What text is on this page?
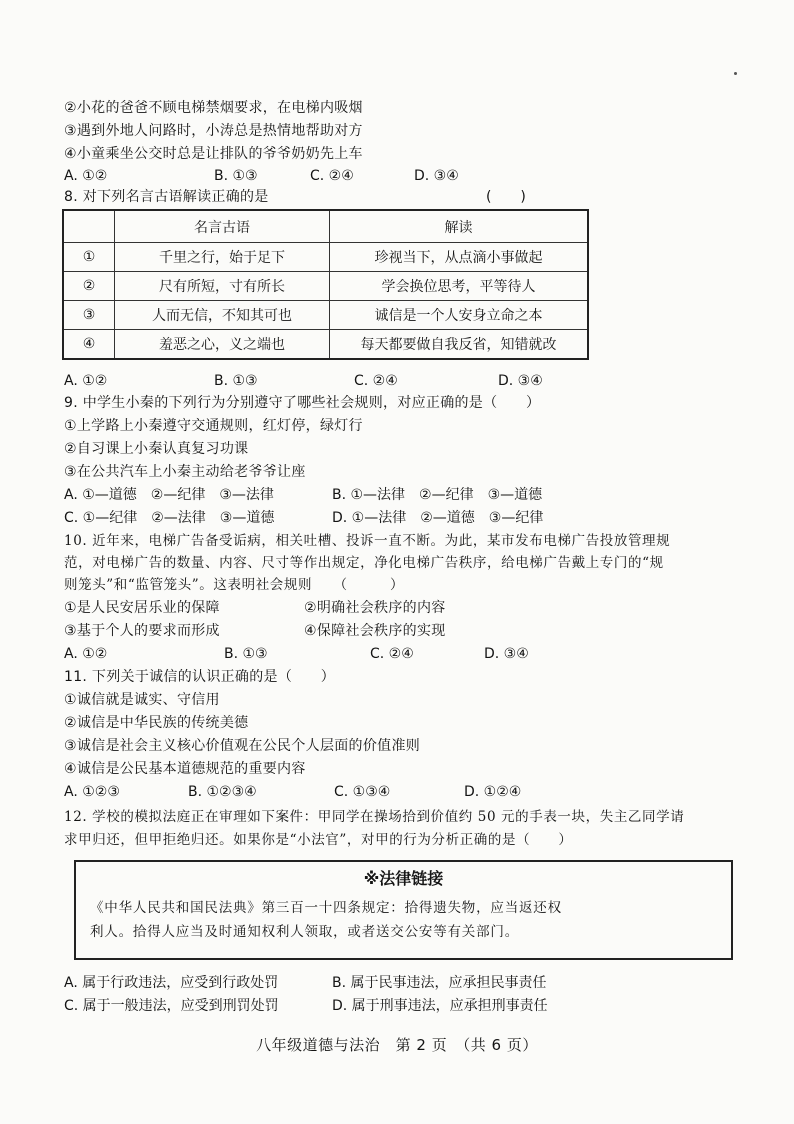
②小花的爸爸不顾电梯禁烟要求，在电梯内吸烟
③遇到外地人问路时，小涛总是热情地帮助对方
④小童乘坐公交时总是让排队的爷爷奶奶先上车
A. ①②	B. ①③	C. ②④	D. ③④
8. 对下列名言古语解读正确的是	(　　)
	名言古语	解读
①	千里之行，始于足下	珍视当下，从点滴小事做起
②	尺有所短，寸有所长	学会换位思考，平等待人
③	人而无信，不知其可也	诚信是一个人安身立命之本
④	羞恶之心，义之端也	每天都要做自我反省，知错就改
A. ①②	B. ①③	C. ②④	D. ③④
9. 中学生小秦的下列行为分别遵守了哪些社会规则，对应正确的是（　　）
①上学路上小秦遵守交通规则，红灯停，绿灯行
②自习课上小秦认真复习功课
③在公共汽车上小秦主动给老爷爷让座
A. ①—道德　②—纪律　③—法律	B. ①—法律　②—纪律　③—道德
C. ①—纪律　②—法律　③—道德	D. ①—法律　②—道德　③—纪律
10. 近年来，电梯广告备受诟病，相关吐槽、投诉一直不断。为此，某市发布电梯广告投放管理规
范，对电梯广告的数量、内容、尺寸等作出规定，净化电梯广告秩序，给电梯广告戴上专门的“规
则笼头”和“监管笼头”。这表明社会规则　　（　　　）
①是人民安居乐业的保障	②明确社会秩序的内容
③基于个人的要求而形成	④保障社会秩序的实现
A. ①②	B. ①③	C. ②④	D. ③④
11. 下列关于诚信的认识正确的是（　　）
①诚信就是诚实、守信用
②诚信是中华民族的传统美德
③诚信是社会主义核心价值观在公民个人层面的价值准则
④诚信是公民基本道德规范的重要内容
A. ①②③	B. ①②③④	C. ①③④	D. ①②④
12. 学校的模拟法庭正在审理如下案件：甲同学在操场拾到价值约 50 元的手表一块，失主乙同学请
求甲归还，但甲拒绝归还。如果你是“小法官”，对甲的行为分析正确的是（　　）
※法律链接
《中华人民共和国民法典》第三百一十四条规定：拾得遗失物，应当返还权
利人。拾得人应当及时通知权利人领取，或者送交公安等有关部门。
A. 属于行政违法，应受到行政处罚	B. 属于民事违法，应承担民事责任
C. 属于一般违法，应受到刑罚处罚	D. 属于刑事违法，应承担刑事责任
八年级道德与法治　第 2 页　（共 6 页）
